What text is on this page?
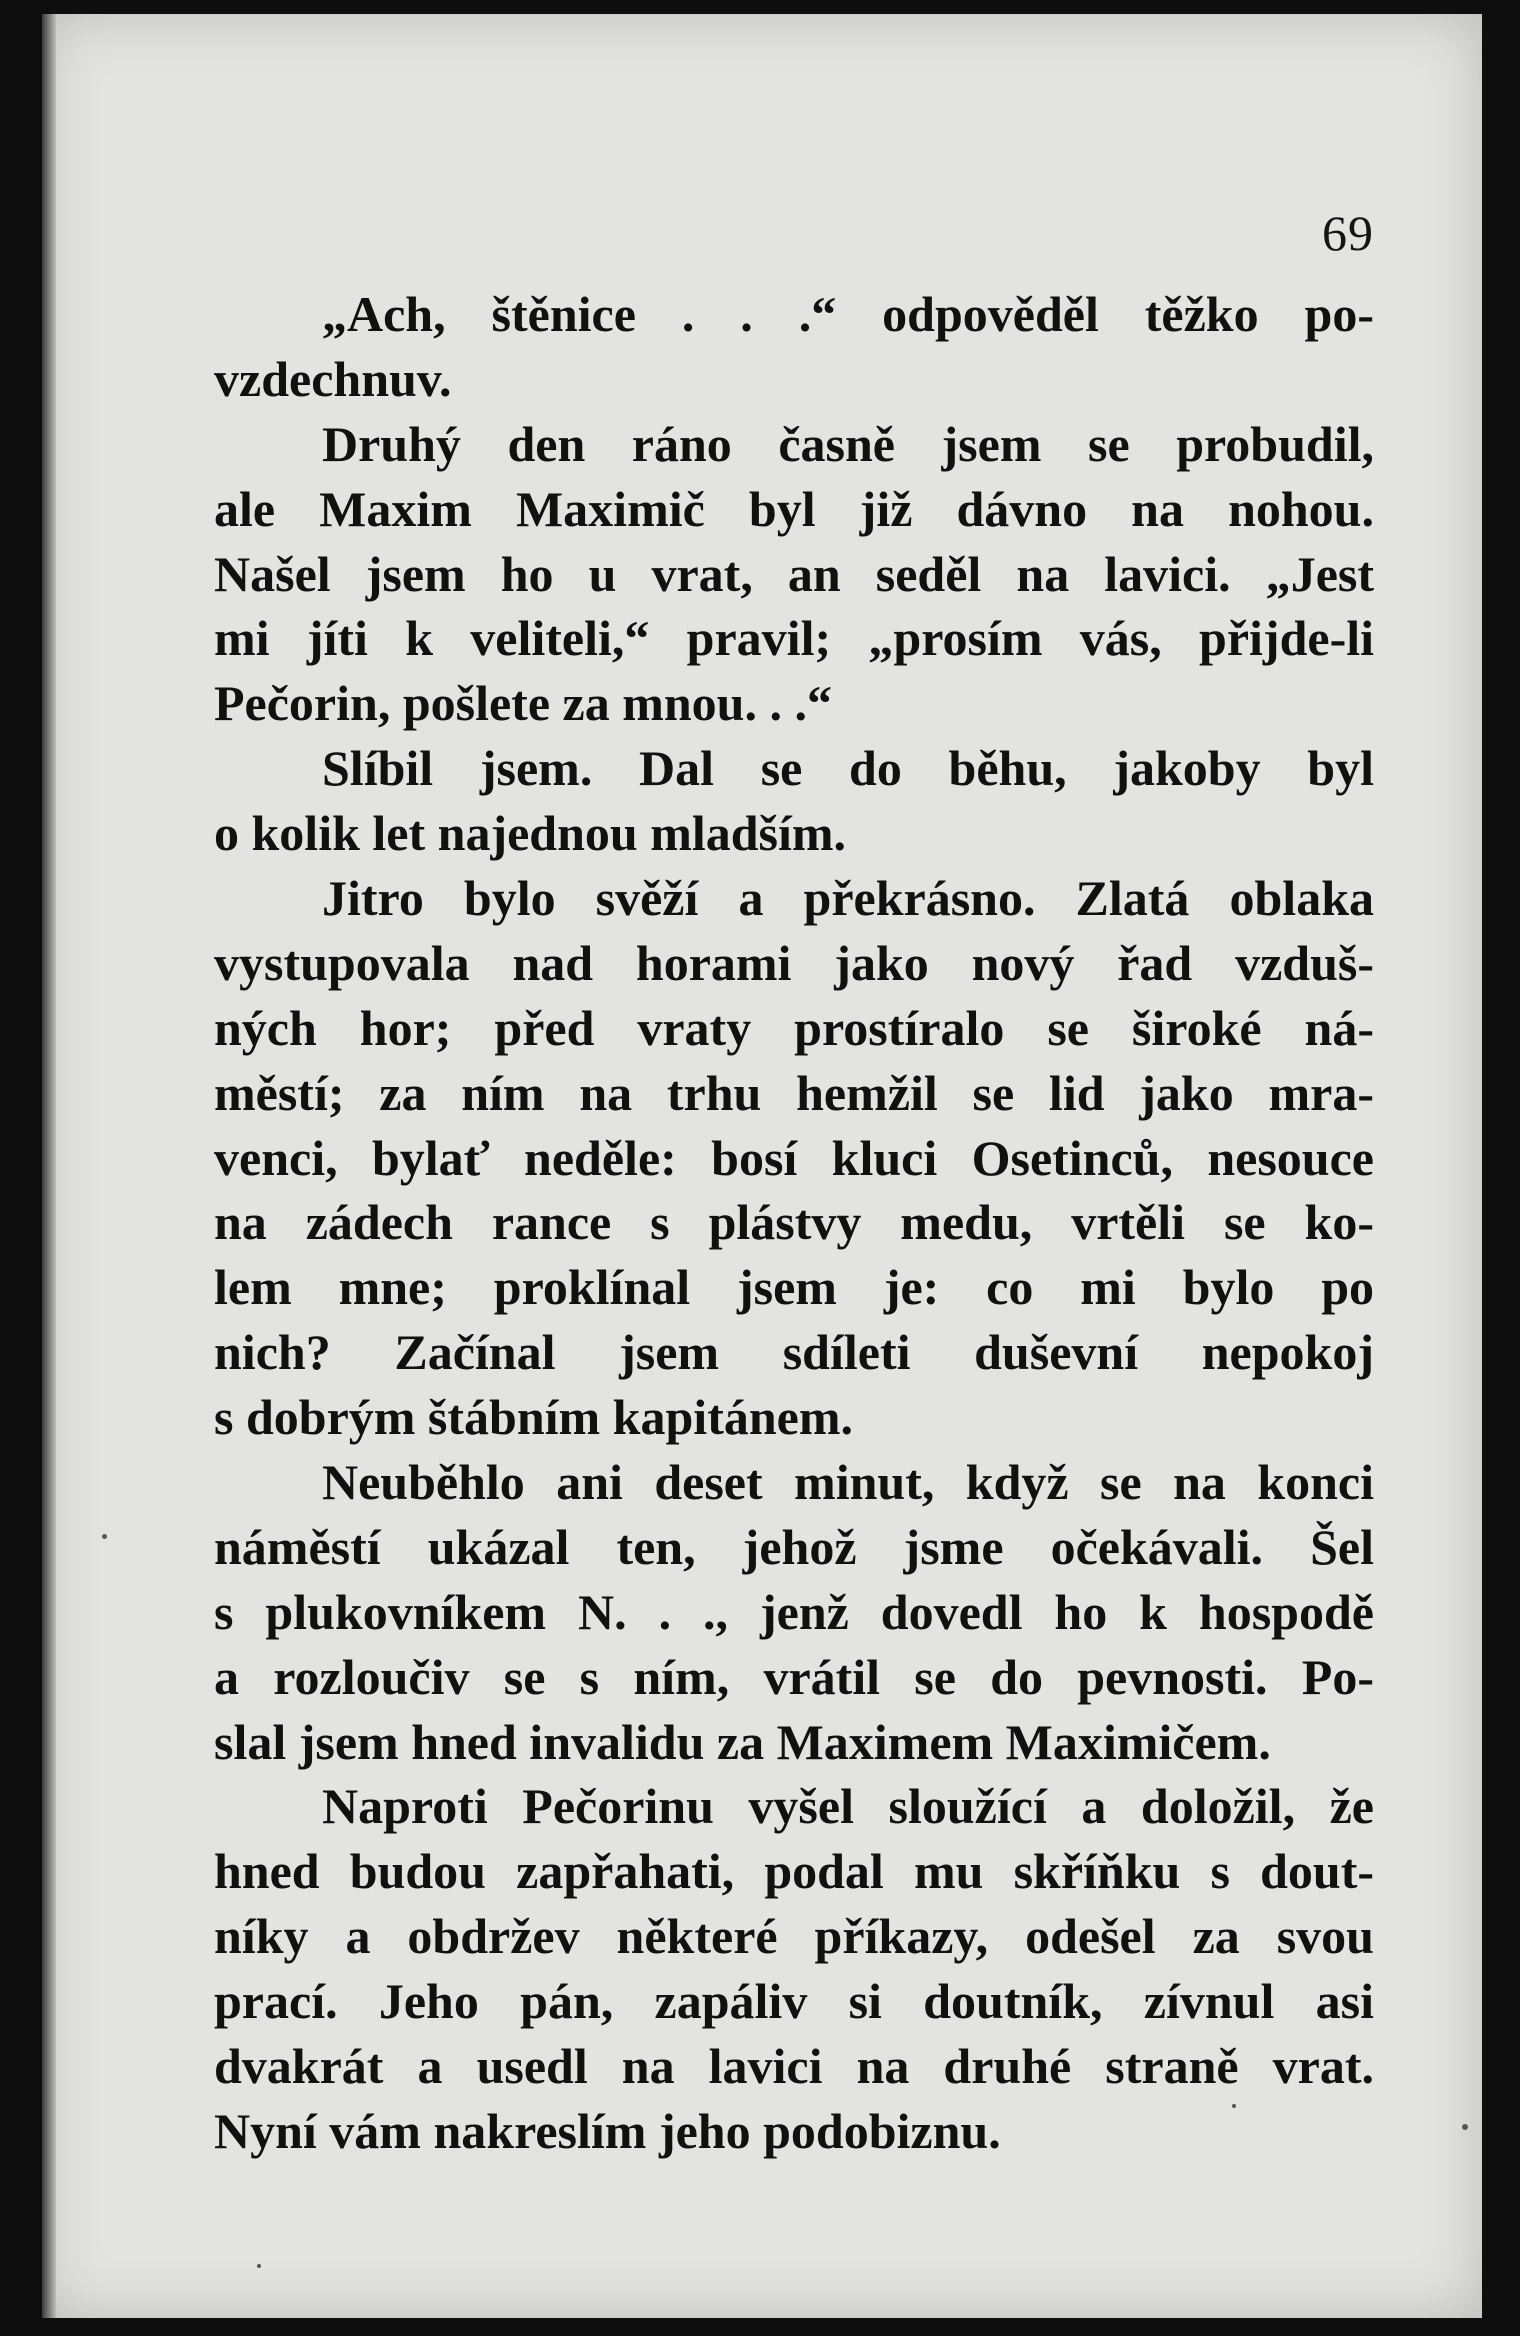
69
„Ach, štěnice . . .“ odpověděl těžko po-
vzdechnuv.
Druhý den ráno časně jsem se probudil,
ale Maxim Maximič byl již dávno na nohou.
Našel jsem ho u vrat, an seděl na lavici. „Jest
mi jíti k veliteli,“ pravil; „prosím vás, přijde-li
Pečorin, pošlete za mnou. . .“
Slíbil jsem. Dal se do běhu, jakoby byl
o kolik let najednou mladším.
Jitro bylo svěží a překrásno. Zlatá oblaka
vystupovala nad horami jako nový řad vzduš-
ných hor; před vraty prostíralo se široké ná-
městí; za ním na trhu hemžil se lid jako mra-
venci, bylať neděle: bosí kluci Osetinců, nesouce
na zádech rance s plástvy medu, vrtěli se ko-
lem mne; proklínal jsem je: co mi bylo po
nich? Začínal jsem sdíleti duševní nepokoj
s dobrým štábním kapitánem.
Neuběhlo ani deset minut, když se na konci
náměstí ukázal ten, jehož jsme očekávali. Šel
s plukovníkem N. . ., jenž dovedl ho k hospodě
a rozloučiv se s ním, vrátil se do pevnosti. Po-
slal jsem hned invalidu za Maximem Maximičem.
Naproti Pečorinu vyšel sloužící a doložil, že
hned budou zapřahati, podal mu skříňku s dout-
níky a obdržev některé příkazy, odešel za svou
prací. Jeho pán, zapáliv si doutník, zívnul asi
dvakrát a usedl na lavici na druhé straně vrat.
Nyní vám nakreslím jeho podobiznu.
